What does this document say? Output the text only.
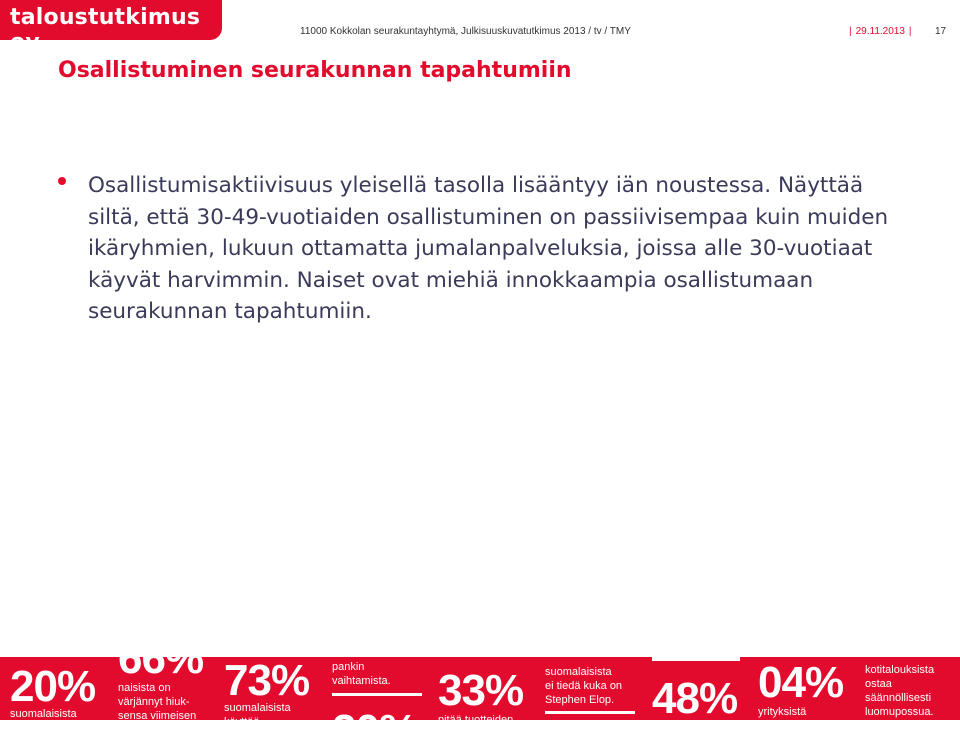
taloustutkimus oy	11000 Kokkolan seurakuntayhtymä, Julkisuuskuvatutkimus 2013 / tv / TMY	| 29.11.2013 |	17
Osallistuminen seurakunnan tapahtumiin
Osallistumisaktiivisuus yleisellä tasolla lisääntyy iän noustessa. Näyttää siltä, että 30-49-vuotiaiden osallistuminen on passiivisempaa kuin muiden ikäryhmien, lukuun ottamatta jumalanpalveluksia, joissa alle 30-vuotiaat käyvät harvimmin. Naiset ovat miehiä innokkaampia osallistumaan seurakunnan tapahtumiin.
20%
suomalaisista
66%
naisista on
värjännyt hiuk-
sensa viimeisen
73%
suomalaisista
käyttää
pankin
vaihtamista.
20%
33%
pitää tuotteiden
suomalaisista
ei tiedä kuka on
Stephen Elop. 48% 04%
yrityksistä
kotitalouksista
ostaa
säännöllisesti
luomupossua.
